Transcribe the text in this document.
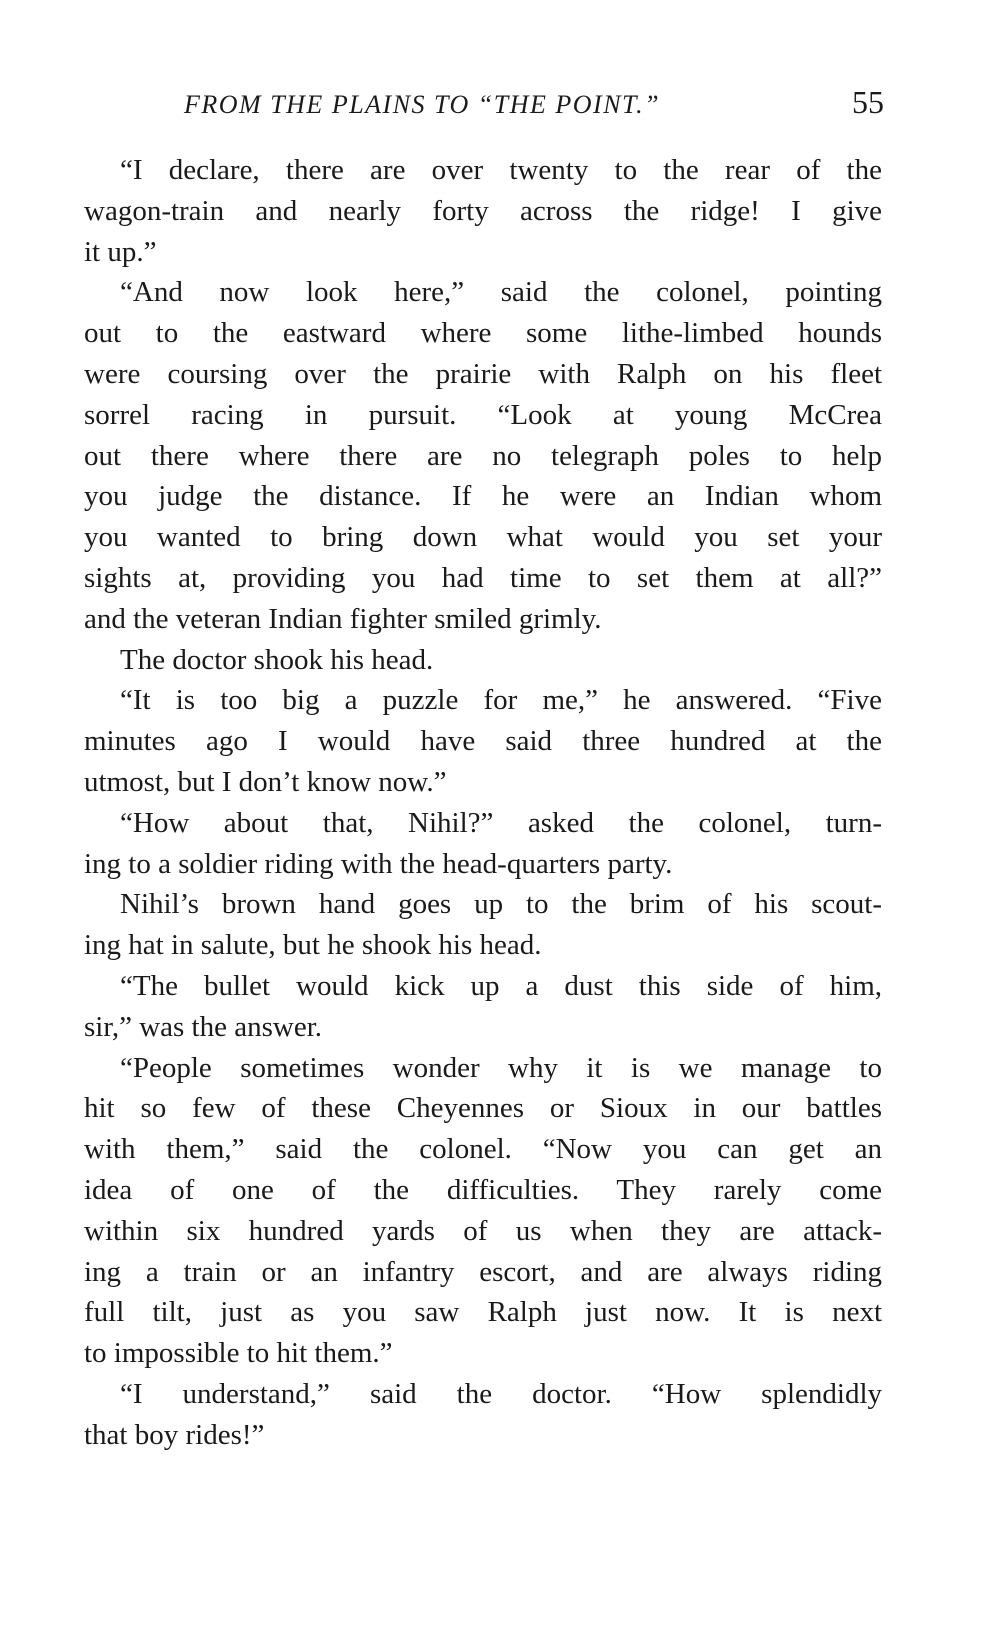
FROM THE PLAINS TO “THE POINT.”	55
“I declare, there are over twenty to the rear of the
wagon-train and nearly forty across the ridge! I give
it up.”
“And now look here,” said the colonel, pointing
out to the eastward where some lithe-limbed hounds
were coursing over the prairie with Ralph on his fleet
sorrel racing in pursuit. “Look at young McCrea
out there where there are no telegraph poles to help
you judge the distance. If he were an Indian whom
you wanted to bring down what would you set your
sights at, providing you had time to set them at all?”
and the veteran Indian fighter smiled grimly.
The doctor shook his head.
“It is too big a puzzle for me,” he answered. “Five
minutes ago I would have said three hundred at the
utmost, but I don’t know now.”
“How about that, Nihil?” asked the colonel, turn-
ing to a soldier riding with the head-quarters party.
Nihil’s brown hand goes up to the brim of his scout-
ing hat in salute, but he shook his head.
“The bullet would kick up a dust this side of him,
sir,” was the answer.
“People sometimes wonder why it is we manage to
hit so few of these Cheyennes or Sioux in our battles
with them,” said the colonel. “Now you can get an
idea of one of the difficulties. They rarely come
within six hundred yards of us when they are attack-
ing a train or an infantry escort, and are always riding
full tilt, just as you saw Ralph just now. It is next
to impossible to hit them.”
“I understand,” said the doctor. “How splendidly
that boy rides!”
